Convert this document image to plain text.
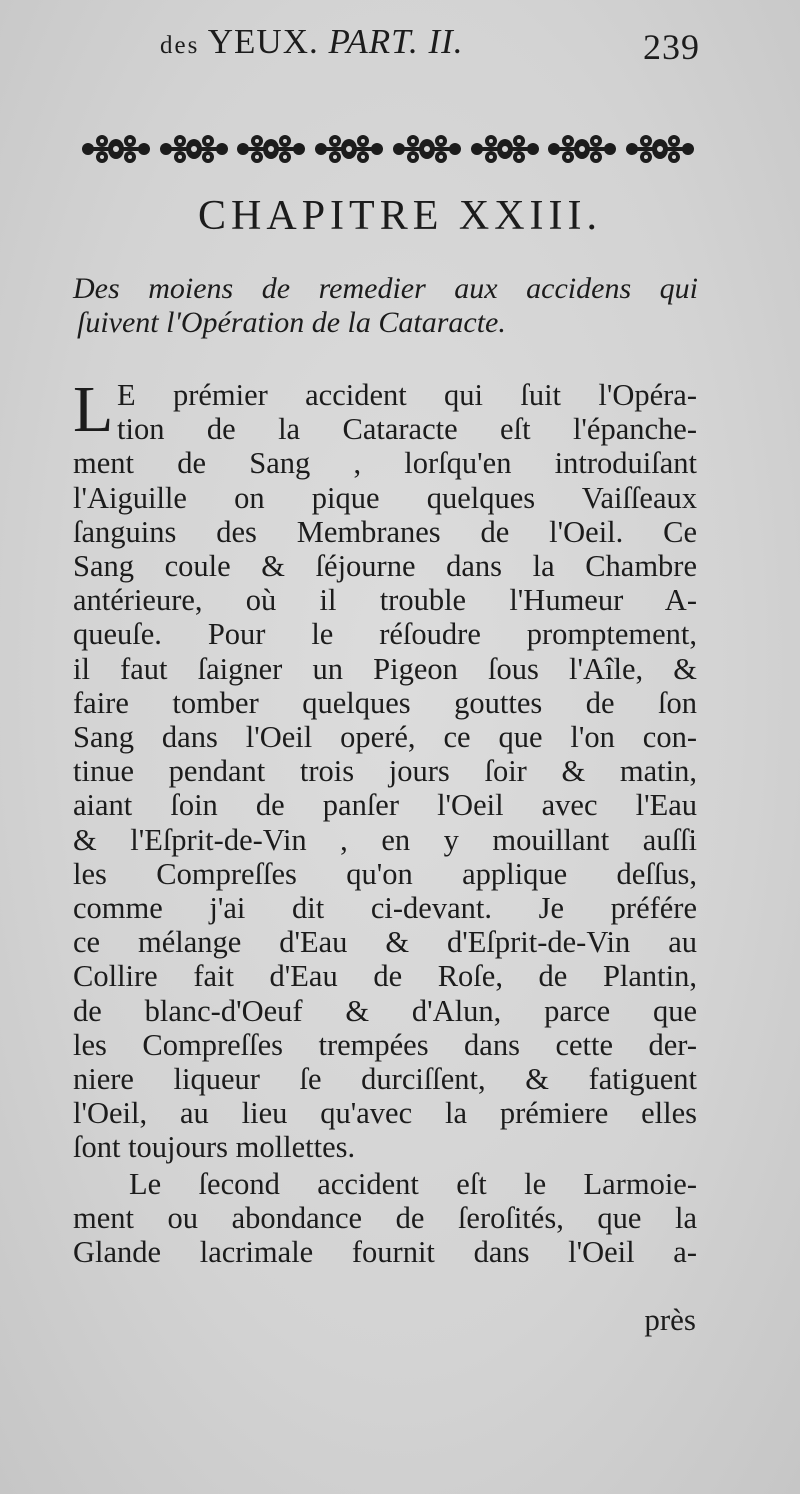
des YEUX. PART. II.	239
CHAPITRE XXIII.
Des moiens de remedier aux accidens qui
ſuivent l'Opération de la Cataracte.
L E prémier accident qui ſuit l'Opéra-
tion de la Cataracte eſt l'épanche-
ment de Sang , lorſqu'en introduiſant
l'Aiguille on pique quelques Vaiſſeaux
ſanguins des Membranes de l'Oeil. Ce
Sang coule & ſéjourne dans la Chambre
antérieure, où il trouble l'Humeur A-
queuſe. Pour le réſoudre promptement,
il faut ſaigner un Pigeon ſous l'Aîle, &
faire tomber quelques gouttes de ſon
Sang dans l'Oeil operé, ce que l'on con-
tinue pendant trois jours ſoir & matin,
aiant ſoin de panſer l'Oeil avec l'Eau
& l'Eſprit-de-Vin , en y mouillant auſſi
les Compreſſes qu'on applique deſſus,
comme j'ai dit ci-devant. Je préfére
ce mélange d'Eau & d'Eſprit-de-Vin au
Collire fait d'Eau de Roſe, de Plantin,
de blanc-d'Oeuf & d'Alun, parce que
les Compreſſes trempées dans cette der-
niere liqueur ſe durciſſent, & fatiguent
l'Oeil, au lieu qu'avec la prémiere elles
ſont toujours mollettes.
Le ſecond accident eſt le Larmoie-
ment ou abondance de ſeroſités, que la
Glande lacrimale fournit dans l'Oeil a-
près
